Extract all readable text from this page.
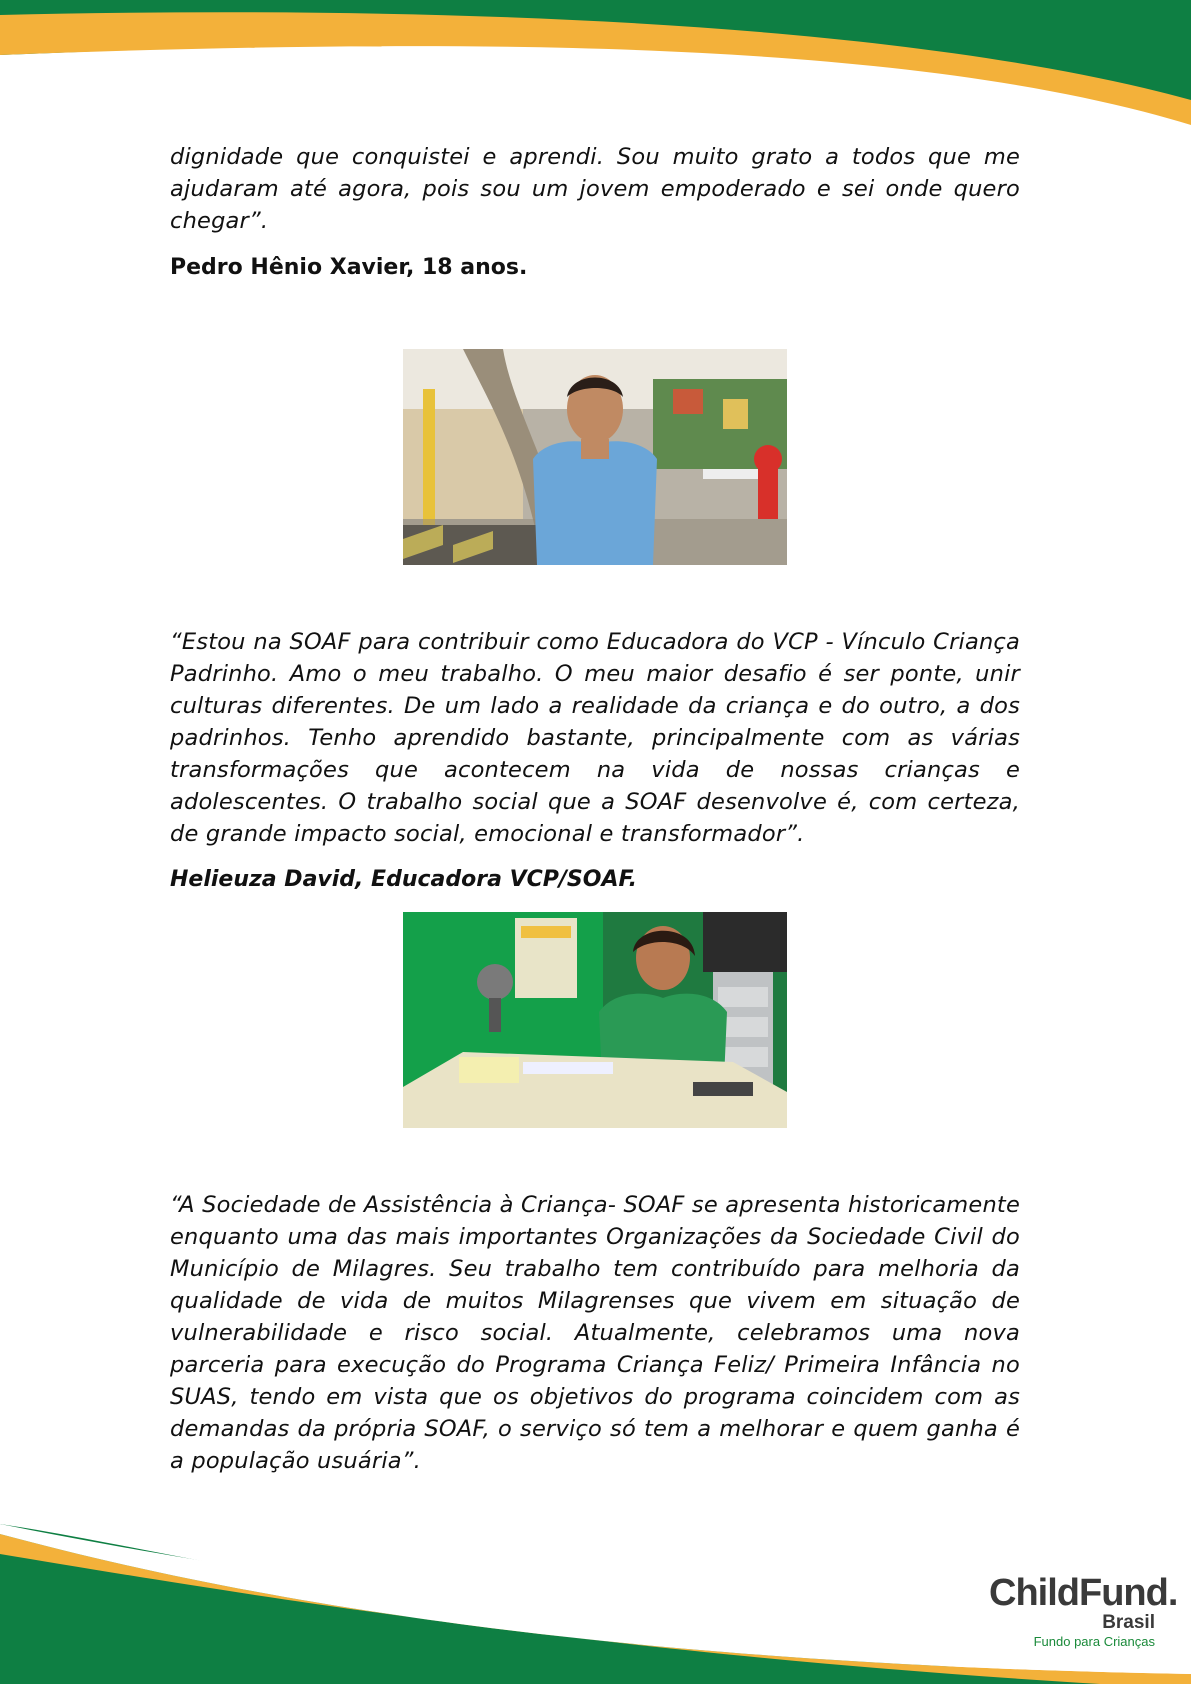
dignidade que conquistei e aprendi. Sou muito grato a todos que me ajudaram até agora, pois sou um jovem empoderado e sei onde quero chegar”.

Pedro Hênio Xavier, 18 anos.

“Estou na SOAF para contribuir como Educadora do VCP - Vínculo Criança Padrinho. Amo o meu trabalho. O meu maior desafio é ser ponte, unir culturas diferentes. De um lado a realidade da criança e do outro, a dos padrinhos. Tenho aprendido bastante, principalmente com as várias transformações que acontecem na vida de nossas crianças e adolescentes. O trabalho social que a SOAF desenvolve é, com certeza, de grande impacto social, emocional e transformador”.

Helieuza David, Educadora VCP/SOAF.

“A Sociedade de Assistência à Criança- SOAF se apresenta historicamente enquanto uma das mais importantes Organizações da Sociedade Civil do Município de Milagres. Seu trabalho tem contribuído para melhoria da qualidade de vida de muitos Milagrenses que vivem em situação de vulnerabilidade e risco social. Atualmente, celebramos uma nova parceria para execução do Programa Criança Feliz/ Primeira Infância no SUAS, tendo em vista que os objetivos do programa coincidem com as demandas da própria SOAF, o serviço só tem a melhorar e quem ganha é a população usuária”.

ChildFund.
Brasil
Fundo para Crianças
